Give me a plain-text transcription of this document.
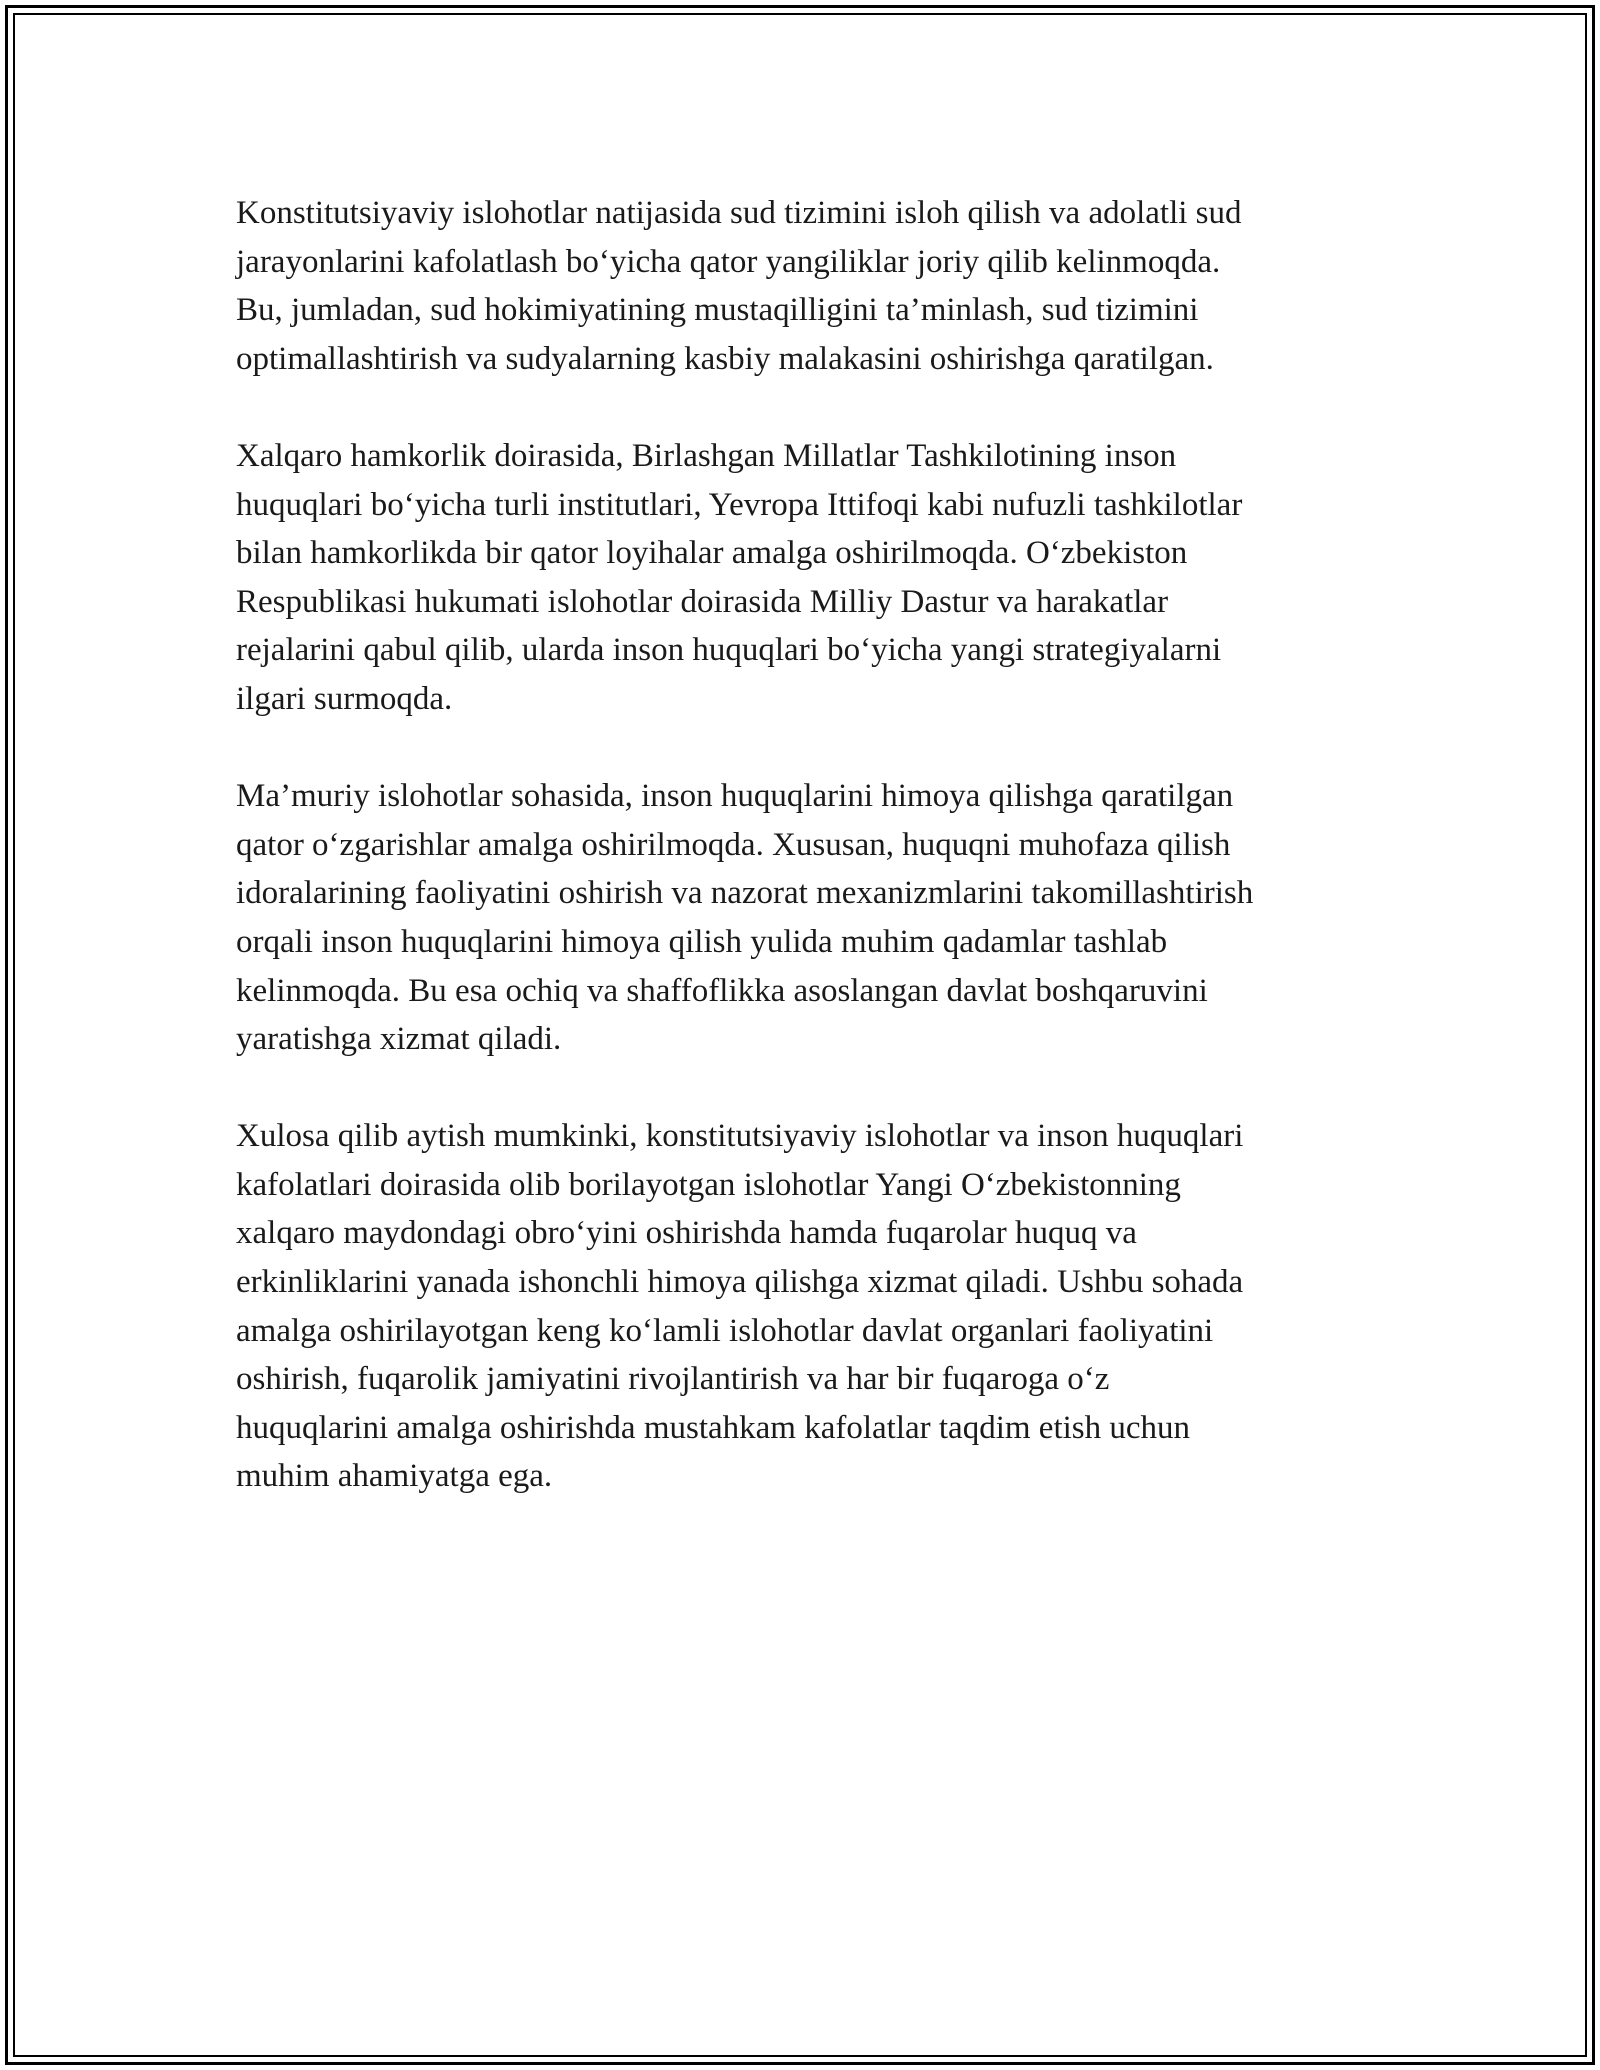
Konstitutsiyaviy islohotlar natijasida sud tizimini isloh qilish va adolatli sud
jarayonlarini kafolatlash bo‘yicha qator yangiliklar joriy qilib kelinmoqda.
Bu, jumladan, sud hokimiyatining mustaqilligini ta’minlash, sud tizimini
optimallashtirish va sudyalarning kasbiy malakasini oshirishga qaratilgan.

Xalqaro hamkorlik doirasida, Birlashgan Millatlar Tashkilotining inson
huquqlari bo‘yicha turli institutlari, Yevropa Ittifoqi kabi nufuzli tashkilotlar
bilan hamkorlikda bir qator loyihalar amalga oshirilmoqda. O‘zbekiston
Respublikasi hukumati islohotlar doirasida Milliy Dastur va harakatlar
rejalarini qabul qilib, ularda inson huquqlari bo‘yicha yangi strategiyalarni
ilgari surmoqda.

Ma’muriy islohotlar sohasida, inson huquqlarini himoya qilishga qaratilgan
qator o‘zgarishlar amalga oshirilmoqda. Xususan, huquqni muhofaza qilish
idoralarining faoliyatini oshirish va nazorat mexanizmlarini takomillashtirish
orqali inson huquqlarini himoya qilish yulida muhim qadamlar tashlab
kelinmoqda. Bu esa ochiq va shaffoflikka asoslangan davlat boshqaruvini
yaratishga xizmat qiladi.

Xulosa qilib aytish mumkinki, konstitutsiyaviy islohotlar va inson huquqlari
kafolatlari doirasida olib borilayotgan islohotlar Yangi O‘zbekistonning
xalqaro maydondagi obro‘yini oshirishda hamda fuqarolar huquq va
erkinliklarini yanada ishonchli himoya qilishga xizmat qiladi. Ushbu sohada
amalga oshirilayotgan keng ko‘lamli islohotlar davlat organlari faoliyatini
oshirish, fuqarolik jamiyatini rivojlantirish va har bir fuqaroga o‘z
huquqlarini amalga oshirishda mustahkam kafolatlar taqdim etish uchun
muhim ahamiyatga ega.
